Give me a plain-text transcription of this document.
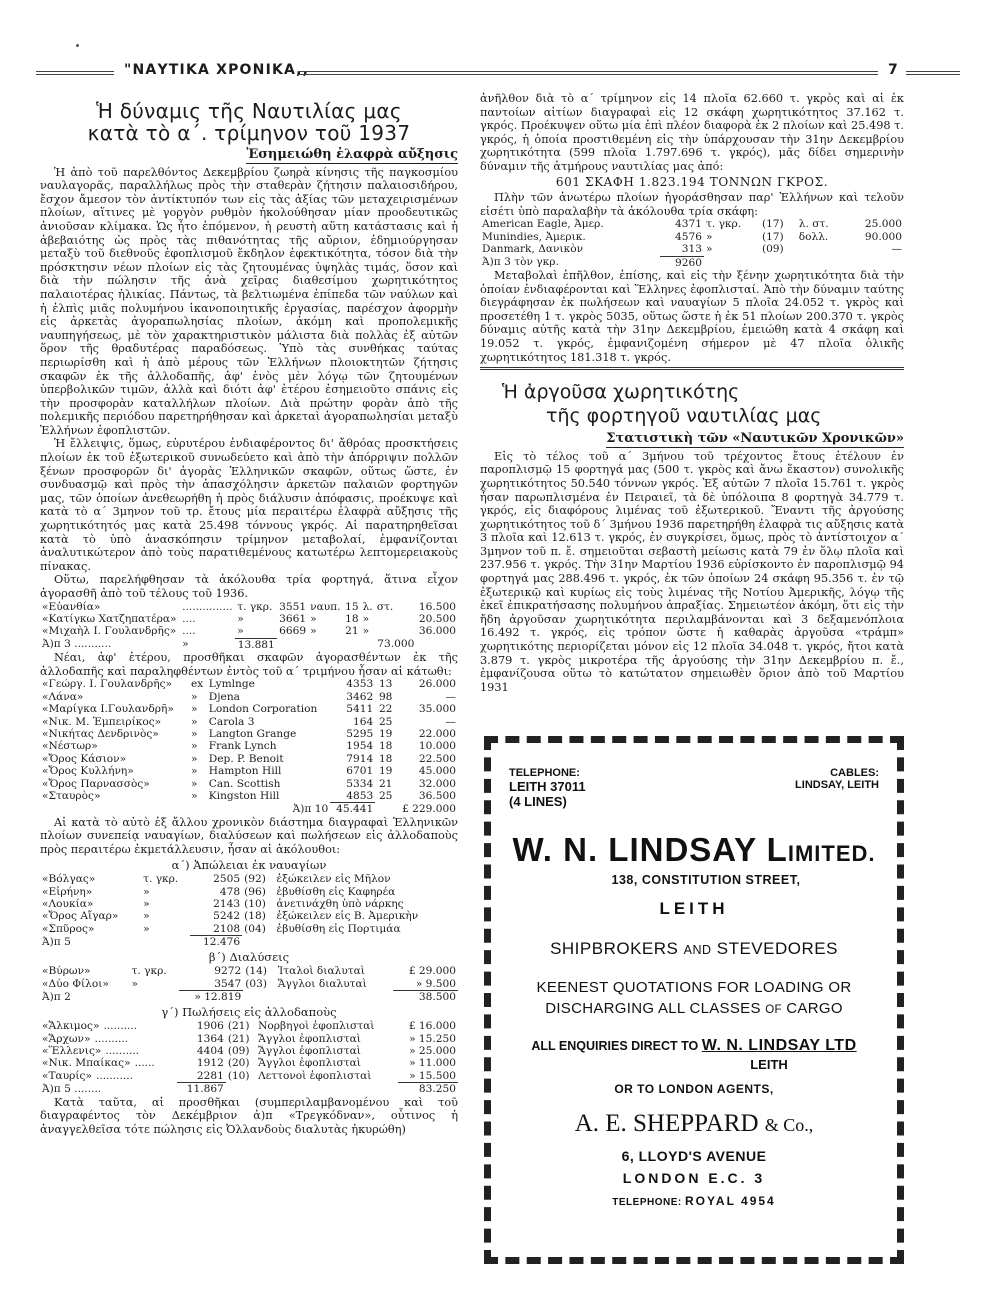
"ΝΑΥΤΙΚΑ ΧΡΟΝΙΚΑ,,	7
Ἡ δύναμις τῆς Ναυτιλίας μας
κατὰ τὸ α΄. τρίμηνον τοῦ 1937
Ἐσημειώθη ἐλαφρὰ αὔξησις

Ἡ ἀπὸ τοῦ παρελθόντος Δεκεμβρίου ζωηρὰ κίνησις τῆς παγκοσμίου ναυλαγορᾶς, παραλλήλως πρὸς τὴν σταθερὰν ζήτησιν παλαιοσιδήρου, ἔσχον ἄμεσον τὸν ἀντίκτυπόν των εἰς τὰς ἀξίας τῶν μεταχειρισμένων πλοίων, αἵτινες μὲ γοργὸν ρυθμὸν ἠκολούθησαν μίαν προοδευτικῶς ἀνιοῦσαν κλίμακα. Ὡς ἦτο ἑπόμενον, ἡ ρευστὴ αὕτη κατάστασις καὶ ἡ ἀβεβαιότης ὡς πρὸς τὰς πιθανότητας τῆς αὔριον, ἐδημιούργησαν μεταξὺ τοῦ διεθνοῦς ἐφοπλισμοῦ ἔκδηλον ἐφεκτικότητα, τόσον διὰ τὴν πρόσκτησιν νέων πλοίων εἰς τὰς ζητουμένας ὑψηλὰς τιμάς, ὅσον καὶ διὰ τὴν πώλησιν τῆς ἀνὰ χεῖρας διαθεσίμου χωρητικότητος παλαιοτέρας ἡλικίας. Πάντως, τὰ βελτιωμένα ἐπίπεδα τῶν ναύλων καὶ ἡ ἐλπὶς μιᾶς πολυμήνου ἱκανοποιητικῆς ἐργασίας, παρέσχον ἀφορμὴν εἰς ἀρκετὰς ἀγοραπωλησίας πλοίων, ἀκόμη καὶ προπολεμικῆς ναυπηγήσεως, μὲ τὸν χαρακτηριστικὸν μάλιστα διὰ πολλὰς ἐξ αὐτῶν ὅρον τῆς θραδυτέρας παραδόσεως. Ὑπὸ τὰς συνθήκας ταύτας περιωρίσθη καὶ ἡ ἀπὸ μέρους τῶν Ἑλλήνων πλοιοκτητῶν ζήτησις σκαφῶν ἐκ τῆς ἀλλοδαπῆς, ἀφ' ἑνὸς μὲν λόγῳ τῶν ζητουμένων ὑπερβολικῶν τιμῶν, ἀλλὰ καὶ διότι ἀφ' ἑτέρου ἐσημειοῦτο σπάνις εἰς τὴν προσφορὰν καταλλήλων πλοίων. Διὰ πρώτην φορὰν ἀπὸ τῆς πολεμικῆς περιόδου παρετηρήθησαν καὶ ἀρκεταὶ ἀγοραπωλησίαι μεταξὺ Ἑλλήνων ἐφοπλιστῶν.

Ἡ ἔλλειψις, ὅμως, εὐρυτέρου ἐνδιαφέροντος δι' ἄθρόας προσκτήσεις πλοίων ἐκ τοῦ ἐξωτερικοῦ συνωδεύετο καὶ ἀπὸ τὴν ἀπόρριψιν πολλῶν ξένων προσφορῶν δι' ἀγορὰς Ἑλληνικῶν σκαφῶν, οὕτως ὥστε, ἐν συνδυασμῷ καὶ πρὸς τὴν ἀπασχόλησιν ἀρκετῶν παλαιῶν φορτηγῶν μας, τῶν ὁποίων ἀνεθεωρήθη ἡ πρὸς διάλυσιν ἀπόφασις, προέκυψε καὶ κατὰ τὸ α΄ 3μηνον τοῦ τρ. ἔτους μία περαιτέρω ἐλαφρὰ αὔξησις τῆς χωρητικότητός μας κατὰ 25.498 τόννους γκρός. Αἱ παρατηρηθεῖσαι κατὰ τὸ ὑπὸ ἀνασκόπησιν τρίμηνον μεταβολαί, ἐμφανίζονται ἀναλυτικώτερον ἀπὸ τοὺς παρατιθεμένους κατωτέρω λεπτομερειακοὺς πίνακας.

Οὕτω, παρελήφθησαν τὰ ἀκόλουθα τρία φορτηγά, ἅτινα εἶχον ἀγορασθῆ ἀπὸ τοῦ τέλους τοῦ 1936.

«Εὐανθία»	...............	τ. γκρ.	3551	ναυπ.	15	λ.	στ.	16.500
«Κατίγκω Χατζηπατέρα»	....	»	3661	»	18	»		20.500
«Μιχαὴλ Ι. Γουλανδρῆς»	....	»	6669	»	21	»		36.000
Ἀ)π 3 ...........	»	13.881					73.000	

Νέαι, ἀφ' ἑτέρου, προσθῆκαι σκαφῶν ἀγορασθέντων ἐκ τῆς ἀλλοδαπῆς καὶ παραληφθέντων ἐντὸς τοῦ α΄ τριμήνου ἦσαν αἱ κάτωθι:

«Γεώργ. Ι. Γουλανδρῆς»	ex	Lymlnge	4353	13	26.000
«Λάνα»	»	Djena	3462	98	—
«Μαρίγκα Ι.Γουλανδρῆ»	»	London Corporation	5411	22	35.000
«Νικ. Μ. Ἐμπειρίκος»	»	Carola 3	164	25	—
«Νικήτας Δενδρινὸς»	»	Langton Grange	5295	19	22.000
«Νέστωρ»	»	Frank Lynch	1954	18	10.000
«Ὄρος Κάσιον»	»	Dep. P. Benoit	7914	18	22.500
«Ὄρος Κυλλήνη»	»	Hampton Hill	6701	19	45.000
«Ὄρος Παρνασσὸς»	»	Can. Scottish	5334	21	32.000
«Σταυρὸς»	»	Kingston Hill	4853	25	36.500
		Ἀ)π 10	45.441		£ 229.000

Αἱ κατὰ τὸ αὐτὸ ἐξ ἄλλου χρονικὸν διάστημα διαγραφαὶ Ἑλληνικῶν πλοίων συνεπείᾳ ναυαγίων, διαλύσεων καὶ πωλήσεων εἰς ἀλλοδαποὺς πρὸς περαιτέρω ἐκμετάλλευσιν, ἦσαν αἱ ἀκόλουθοι:

α΄) Ἀπώλειαι ἐκ ναυαγίων
«Βόλγας»	τ. γκρ.	2505	(92)	ἐξώκειλεν εἰς Μῆλον
«Εἰρήνη»	»	478	(96)	ἐβυθίσθη εἰς Καφηρέα
«Λουκία»	»	2143	(10)	ἀνετινάχθη ὑπὸ νάρκης
«Ὄρος Αἴγαρ»	»	5242	(18)	ἐξώκειλεν εἰς Β. Ἀμερικὴν
«Σπῦρος»	»	2108	(04)	ἐβυθίσθη εἰς Πορτιμάα
Ἀ)π 5		12.476		
β΄) Διαλύσεις
«Βύρων»	τ. γκρ.	9272	(14)	Ἰταλοὶ διαλυταὶ	£ 29.000
«Δύο Φίλοι»	»	3547	(03)	Ἄγγλοι διαλυταὶ	» 9.500
Ἀ)π 2		» 12.819			38.500
γ΄) Πωλήσεις εἰς ἀλλοδαποὺς
«Ἄλκιμος» ..........	1906	(21)	Νορβηγοὶ ἐφοπλισταὶ	£ 16.000
«Ἄρχων» ..........	1364	(21)	Ἄγγλοι ἐφοπλισταὶ	» 15.250
«Ἕλλενις» ..........	4404	(09)	Ἄγγλοι ἐφοπλισταὶ	» 25.000
«Νικ. Μπαίκας» ......	1912	(20)	Ἄγγλοι ἐφοπλισταὶ	» 11.000
«Ταυρίς» ...........	2281	(10)	Λεττονοὶ ἐφοπλισταὶ	» 15.500
Ἀ)π 5 ........	11.867			83.250

Κατὰ ταῦτα, αἱ προσθῆκαι (συμπεριλαμβανομένου καὶ τοῦ διαγραφέντος τὸν Δεκέμβριον ἀ)π «Τρεγκόδναν», οὗτινος ἡ ἀναγγελθεῖσα τότε πώλησις εἰς Ὀλλανδοὺς διαλυτὰς ἠκυρώθη)

ἀνῆλθον διὰ τὸ α΄ τρίμηνον εἰς 14 πλοῖα 62.660 τ. γκρὸς καὶ αἱ ἐκ παντοίων αἰτίων διαγραφαὶ εἰς 12 σκάφη χωρητικότητος 37.162 τ. γκρός. Προέκυψεν οὕτω μία ἐπὶ πλέον διαφορὰ ἐκ 2 πλοίων καὶ 25.498 τ. γκρός, ἡ ὁποία προστιθεμένη εἰς τὴν ὑπάρχουσαν τὴν 31ην Δεκεμβρίου χωρητικότητα (599 πλοῖα 1.797.696 τ. γκρός), μᾶς δίδει σημερινὴν δύναμιν τῆς ἀτμήρους ναυτιλίας μας ἀπό:

601 ΣΚΑΦΗ 1.823.194 ΤΟΝΝΩΝ ΓΚΡΟΣ.

Πλὴν τῶν ἀνωτέρω πλοίων ἠγοράσθησαν παρ' Ἑλλήνων καὶ τελοῦν εἰσέτι ὑπὸ παραλαβὴν τὰ ἀκόλουθα τρία σκάφη:

American Eagle, Ἀμερ.	4371	τ. γκρ.	(17)	λ. στ.	25.000
Munindies, Ἀμερικ.	4576	»	(17)	δολλ.	90.000
Danmark, Δανικὸν	313	»	(09)		—
Ἀ)π 3 τὸν γκρ.	9260				

Μεταβολαὶ ἐπῆλθον, ἐπίσης, καὶ εἰς τὴν ξένην χωρητικότητα διὰ τὴν ὁποίαν ἐνδιαφέρονται καὶ Ἕλληνες ἐφοπλισταί. Ἀπὸ τὴν δύναμιν ταύτης διεγράφησαν ἐκ πωλήσεων καὶ ναυαγίων 5 πλοῖα 24.052 τ. γκρὸς καὶ προσετέθη 1 τ. γκρὸς 5035, οὕτως ὥστε ἡ ἐκ 51 πλοίων 200.370 τ. γκρὸς δύναμις αὐτῆς κατὰ τὴν 31ην Δεκεμβρίου, ἐμειώθη κατὰ 4 σκάφη καὶ 19.052 τ. γκρός, ἐμφανιζομένη σήμερον μὲ 47 πλοῖα ὁλικῆς χωρητικότητος 181.318 τ. γκρός.

Ἡ ἀργοῦσα χωρητικότης
τῆς φορτηγοῦ ναυτιλίας μας
Στατιστικὴ τῶν «Ναυτικῶν Χρονικῶν»

Εἰς τὸ τέλος τοῦ α΄ 3μήνου τοῦ τρέχοντος ἔτους ἐτέλουν ἐν παροπλισμῷ 15 φορτηγά μας (500 τ. γκρὸς καὶ ἄνω ἕκαστον) συνολικῆς χωρητικότητος 50.540 τόννων γκρός. Ἐξ αὐτῶν 7 πλοῖα 15.761 τ. γκρὸς ἦσαν παρωπλισμένα ἐν Πειραιεῖ, τὰ δὲ ὑπόλοιπα 8 φορτηγὰ 34.779 τ. γκρός, εἰς διαφόρους λιμένας τοῦ ἐξωτερικοῦ. Ἔναντι τῆς ἀργούσης χωρητικότητος τοῦ δ΄ 3μήνου 1936 παρετηρήθη ἐλαφρὰ τις αὔξησις κατὰ 3 πλοῖα καὶ 12.613 τ. γκρός, ἐν συγκρίσει, ὅμως, πρὸς τὸ ἀντίστοιχον α΄ 3μηνον τοῦ π. ἔ. σημειοῦται σεβαστὴ μείωσις κατὰ 79 ἐν ὅλῳ πλοῖα καὶ 237.956 τ. γκρός. Τὴν 31ην Μαρτίου 1936 εὑρίσκοντο ἐν παροπλισμῷ 94 φορτηγά μας 288.496 τ. γκρός, ἐκ τῶν ὁποίων 24 σκάφη 95.356 τ. ἐν τῷ ἐξωτερικῷ καὶ κυρίως εἰς τοὺς λιμένας τῆς Νοτίου Ἀμερικῆς, λόγῳ τῆς ἐκεῖ ἐπικρατήσασης πολυμήνου ἀπραξίας. Σημειωτέον ἀκόμη, ὅτι εἰς τὴν ἤδη ἀργοῦσαν χωρητικότητα περιλαμβάνονται καὶ 3 δεξαμενόπλοια 16.492 τ. γκρός, εἰς τρόπον ὥστε ἡ καθαρὰς ἀργοῦσα «τράμπ» χωρητικότης περιορίζεται μόνον εἰς 12 πλοῖα 34.048 τ. γκρός, ἤτοι κατὰ 3.879 τ. γκρὸς μικροτέρα τῆς ἀργούσης τὴν 31ην Δεκεμβρίου π. ἔ., ἐμφανίζουσα οὕτω τὸ κατώτατον σημειωθὲν ὅριον ἀπὸ τοῦ Μαρτίου 1931

TELEPHONE:
LEITH 37011
(4 LINES)
CABLES:
LINDSAY, LEITH
W. N. LINDSAY LIMITED.
138, CONSTITUTION STREET,
LEITH
SHIPBROKERS AND STEVEDORES
KEENEST QUOTATIONS FOR LOADING OR
DISCHARGING ALL CLASSES OF CARGO
ALL ENQUIRIES DIRECT TO W. N. LINDSAY LTD
LEITH
OR TO LONDON AGENTS,
A. E. SHEPPARD & Co.,
6, LLOYD'S AVENUE
LONDON E.C. 3
TELEPHONE: ROYAL 4954
